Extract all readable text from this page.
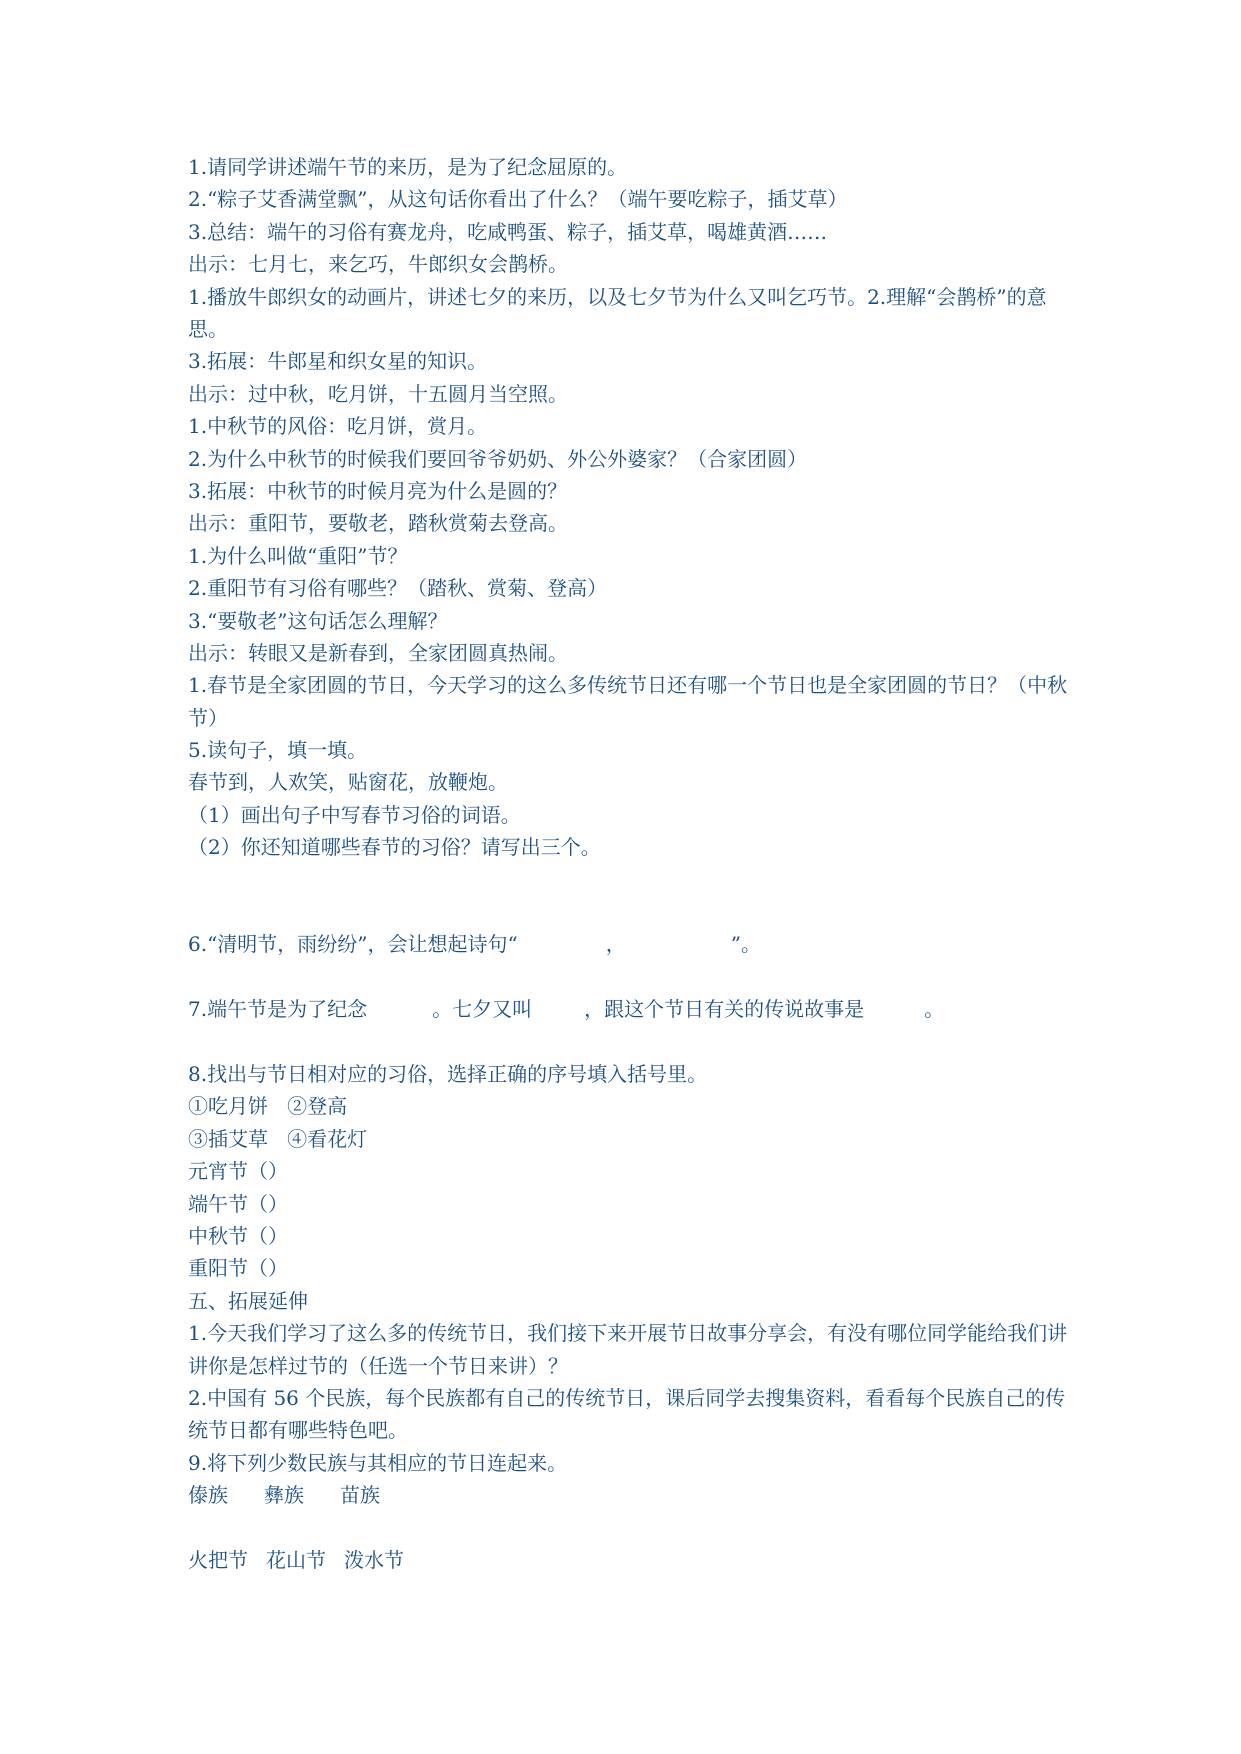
1.请同学讲述端午节的来历，是为了纪念屈原的。
2.“粽子艾香满堂飘”，从这句话你看出了什么？（端午要吃粽子，插艾草）
3.总结：端午的习俗有赛龙舟，吃咸鸭蛋、粽子，插艾草，喝雄黄酒……
出示：七月七，来乞巧，牛郎织女会鹊桥。
1.播放牛郎织女的动画片，讲述七夕的来历，以及七夕节为什么又叫乞巧节。2.理解“会鹊桥”的意思。
3.拓展：牛郎星和织女星的知识。
出示：过中秋，吃月饼，十五圆月当空照。
1.中秋节的风俗：吃月饼，赏月。
2.为什么中秋节的时候我们要回爷爷奶奶、外公外婆家？（合家团圆）
3.拓展：中秋节的时候月亮为什么是圆的？
出示：重阳节，要敬老，踏秋赏菊去登高。
1.为什么叫做“重阳”节？
2.重阳节有习俗有哪些？（踏秋、赏菊、登高）
3.“要敬老”这句话怎么理解？
出示：转眼又是新春到，全家团圆真热闹。
1.春节是全家团圆的节日，今天学习的这么多传统节日还有哪一个节日也是全家团圆的节日？（中秋节）
5.读句子，填一填。
春节到，人欢笑，贴窗花，放鞭炮。
（1）画出句子中写春节习俗的词语。
（2）你还知道哪些春节的习俗？请写出三个。
6.“清明节，雨纷纷”，会让想起诗句“	，	”。
7.端午节是为了纪念	。七夕又叫	，跟这个节日有关的传说故事是	。
8.找出与节日相对应的习俗，选择正确的序号填入括号里。
①吃月饼   ②登高
③插艾草   ④看花灯
元宵节（）
端午节（）
中秋节（）
重阳节（）
五、拓展延伸
1.今天我们学习了这么多的传统节日，我们接下来开展节日故事分享会，有没有哪位同学能给我们讲讲你是怎样过节的（任选一个节日来讲）？
2.中国有 56 个民族，每个民族都有自己的传统节日，课后同学去搜集资料，看看每个民族自己的传统节日都有哪些特色吧。
9.将下列少数民族与其相应的节日连起来。
傣族 彝族 苗族
火把节 花山节 泼水节
